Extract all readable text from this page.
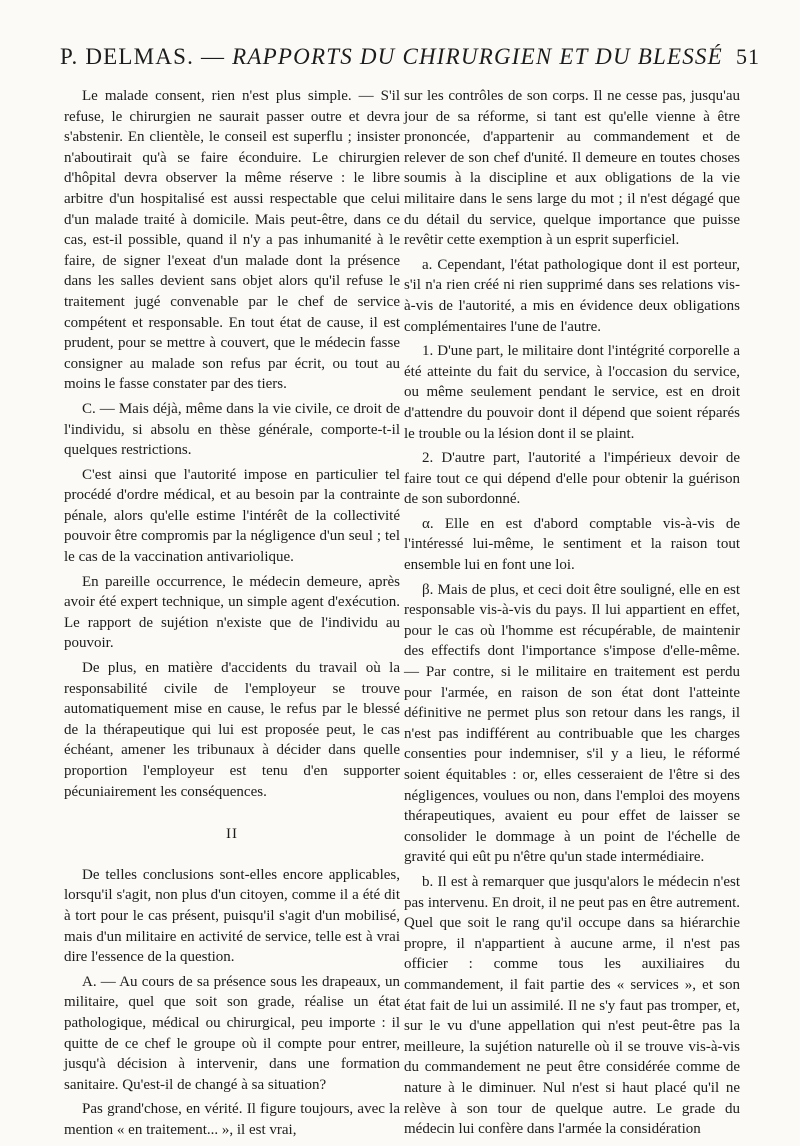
P. DELMAS. — RAPPORTS DU CHIRURGIEN ET DU BLESSÉ 51

Le malade consent, rien n'est plus simple. — S'il refuse, le chirurgien ne saurait passer outre et devra s'abstenir. En clientèle, le conseil est superflu ; insister n'aboutirait qu'à se faire éconduire. Le chirurgien d'hôpital devra observer la même réserve : le libre arbitre d'un hospitalisé est aussi respectable que celui d'un malade traité à domicile. Mais peut-être, dans ce cas, est-il possible, quand il n'y a pas inhumanité à le faire, de signer l'exeat d'un malade dont la présence dans les salles devient sans objet alors qu'il refuse le traitement jugé convenable par le chef de service compétent et responsable. En tout état de cause, il est prudent, pour se mettre à couvert, que le médecin fasse consigner au malade son refus par écrit, ou tout au moins le fasse constater par des tiers.

C. — Mais déjà, même dans la vie civile, ce droit de l'individu, si absolu en thèse générale, comporte-t-il quelques restrictions.

C'est ainsi que l'autorité impose en particulier tel procédé d'ordre médical, et au besoin par la contrainte pénale, alors qu'elle estime l'intérêt de la collectivité pouvoir être compromis par la négligence d'un seul ; tel le cas de la vaccination antivariolique.

En pareille occurrence, le médecin demeure, après avoir été expert technique, un simple agent d'exécution. Le rapport de sujétion n'existe que de l'individu au pouvoir.

De plus, en matière d'accidents du travail où la responsabilité civile de l'employeur se trouve automatiquement mise en cause, le refus par le blessé de la thérapeutique qui lui est proposée peut, le cas échéant, amener les tribunaux à décider dans quelle proportion l'employeur est tenu d'en supporter pécuniairement les conséquences.

II

De telles conclusions sont-elles encore applicables, lorsqu'il s'agit, non plus d'un citoyen, comme il a été dit à tort pour le cas présent, puisqu'il s'agit d'un mobilisé, mais d'un militaire en activité de service, telle est à vrai dire l'essence de la question.

A. — Au cours de sa présence sous les drapeaux, un militaire, quel que soit son grade, réalise un état pathologique, médical ou chirurgical, peu importe : il quitte de ce chef le groupe où il compte pour entrer, jusqu'à décision à intervenir, dans une formation sanitaire. Qu'est-il de changé à sa situation?

Pas grand'chose, en vérité. Il figure toujours, avec la mention « en traitement... », il est vrai,

sur les contrôles de son corps. Il ne cesse pas, jusqu'au jour de sa réforme, si tant est qu'elle vienne à être prononcée, d'appartenir au commandement et de relever de son chef d'unité. Il demeure en toutes choses soumis à la discipline et aux obligations de la vie militaire dans le sens large du mot ; il n'est dégagé que du détail du service, quelque importance que puisse revêtir cette exemption à un esprit superficiel.

a. Cependant, l'état pathologique dont il est porteur, s'il n'a rien créé ni rien supprimé dans ses relations vis-à-vis de l'autorité, a mis en évidence deux obligations complémentaires l'une de l'autre.

1. D'une part, le militaire dont l'intégrité corporelle a été atteinte du fait du service, à l'occasion du service, ou même seulement pendant le service, est en droit d'attendre du pouvoir dont il dépend que soient réparés le trouble ou la lésion dont il se plaint.

2. D'autre part, l'autorité a l'impérieux devoir de faire tout ce qui dépend d'elle pour obtenir la guérison de son subordonné.

α. Elle en est d'abord comptable vis-à-vis de l'intéressé lui-même, le sentiment et la raison tout ensemble lui en font une loi.

β. Mais de plus, et ceci doit être souligné, elle en est responsable vis-à-vis du pays. Il lui appartient en effet, pour le cas où l'homme est récupérable, de maintenir des effectifs dont l'importance s'impose d'elle-même. — Par contre, si le militaire en traitement est perdu pour l'armée, en raison de son état dont l'atteinte définitive ne permet plus son retour dans les rangs, il n'est pas indifférent au contribuable que les charges consenties pour indemniser, s'il y a lieu, le réformé soient équitables : or, elles cesseraient de l'être si des négligences, voulues ou non, dans l'emploi des moyens thérapeutiques, avaient eu pour effet de laisser se consolider le dommage à un point de l'échelle de gravité qui eût pu n'être qu'un stade intermédiaire.

b. Il est à remarquer que jusqu'alors le médecin n'est pas intervenu. En droit, il ne peut pas en être autrement. Quel que soit le rang qu'il occupe dans sa hiérarchie propre, il n'appartient à aucune arme, il n'est pas officier : comme tous les auxiliaires du commandement, il fait partie des « services », et son état fait de lui un assimilé. Il ne s'y faut pas tromper, et, sur le vu d'une appellation qui n'est peut-être pas la meilleure, la sujétion naturelle où il se trouve vis-à-vis du commandement ne peut être considérée comme de nature à le diminuer. Nul n'est si haut placé qu'il ne relève à son tour de quelque autre. Le grade du médecin lui confère dans l'armée la considération
